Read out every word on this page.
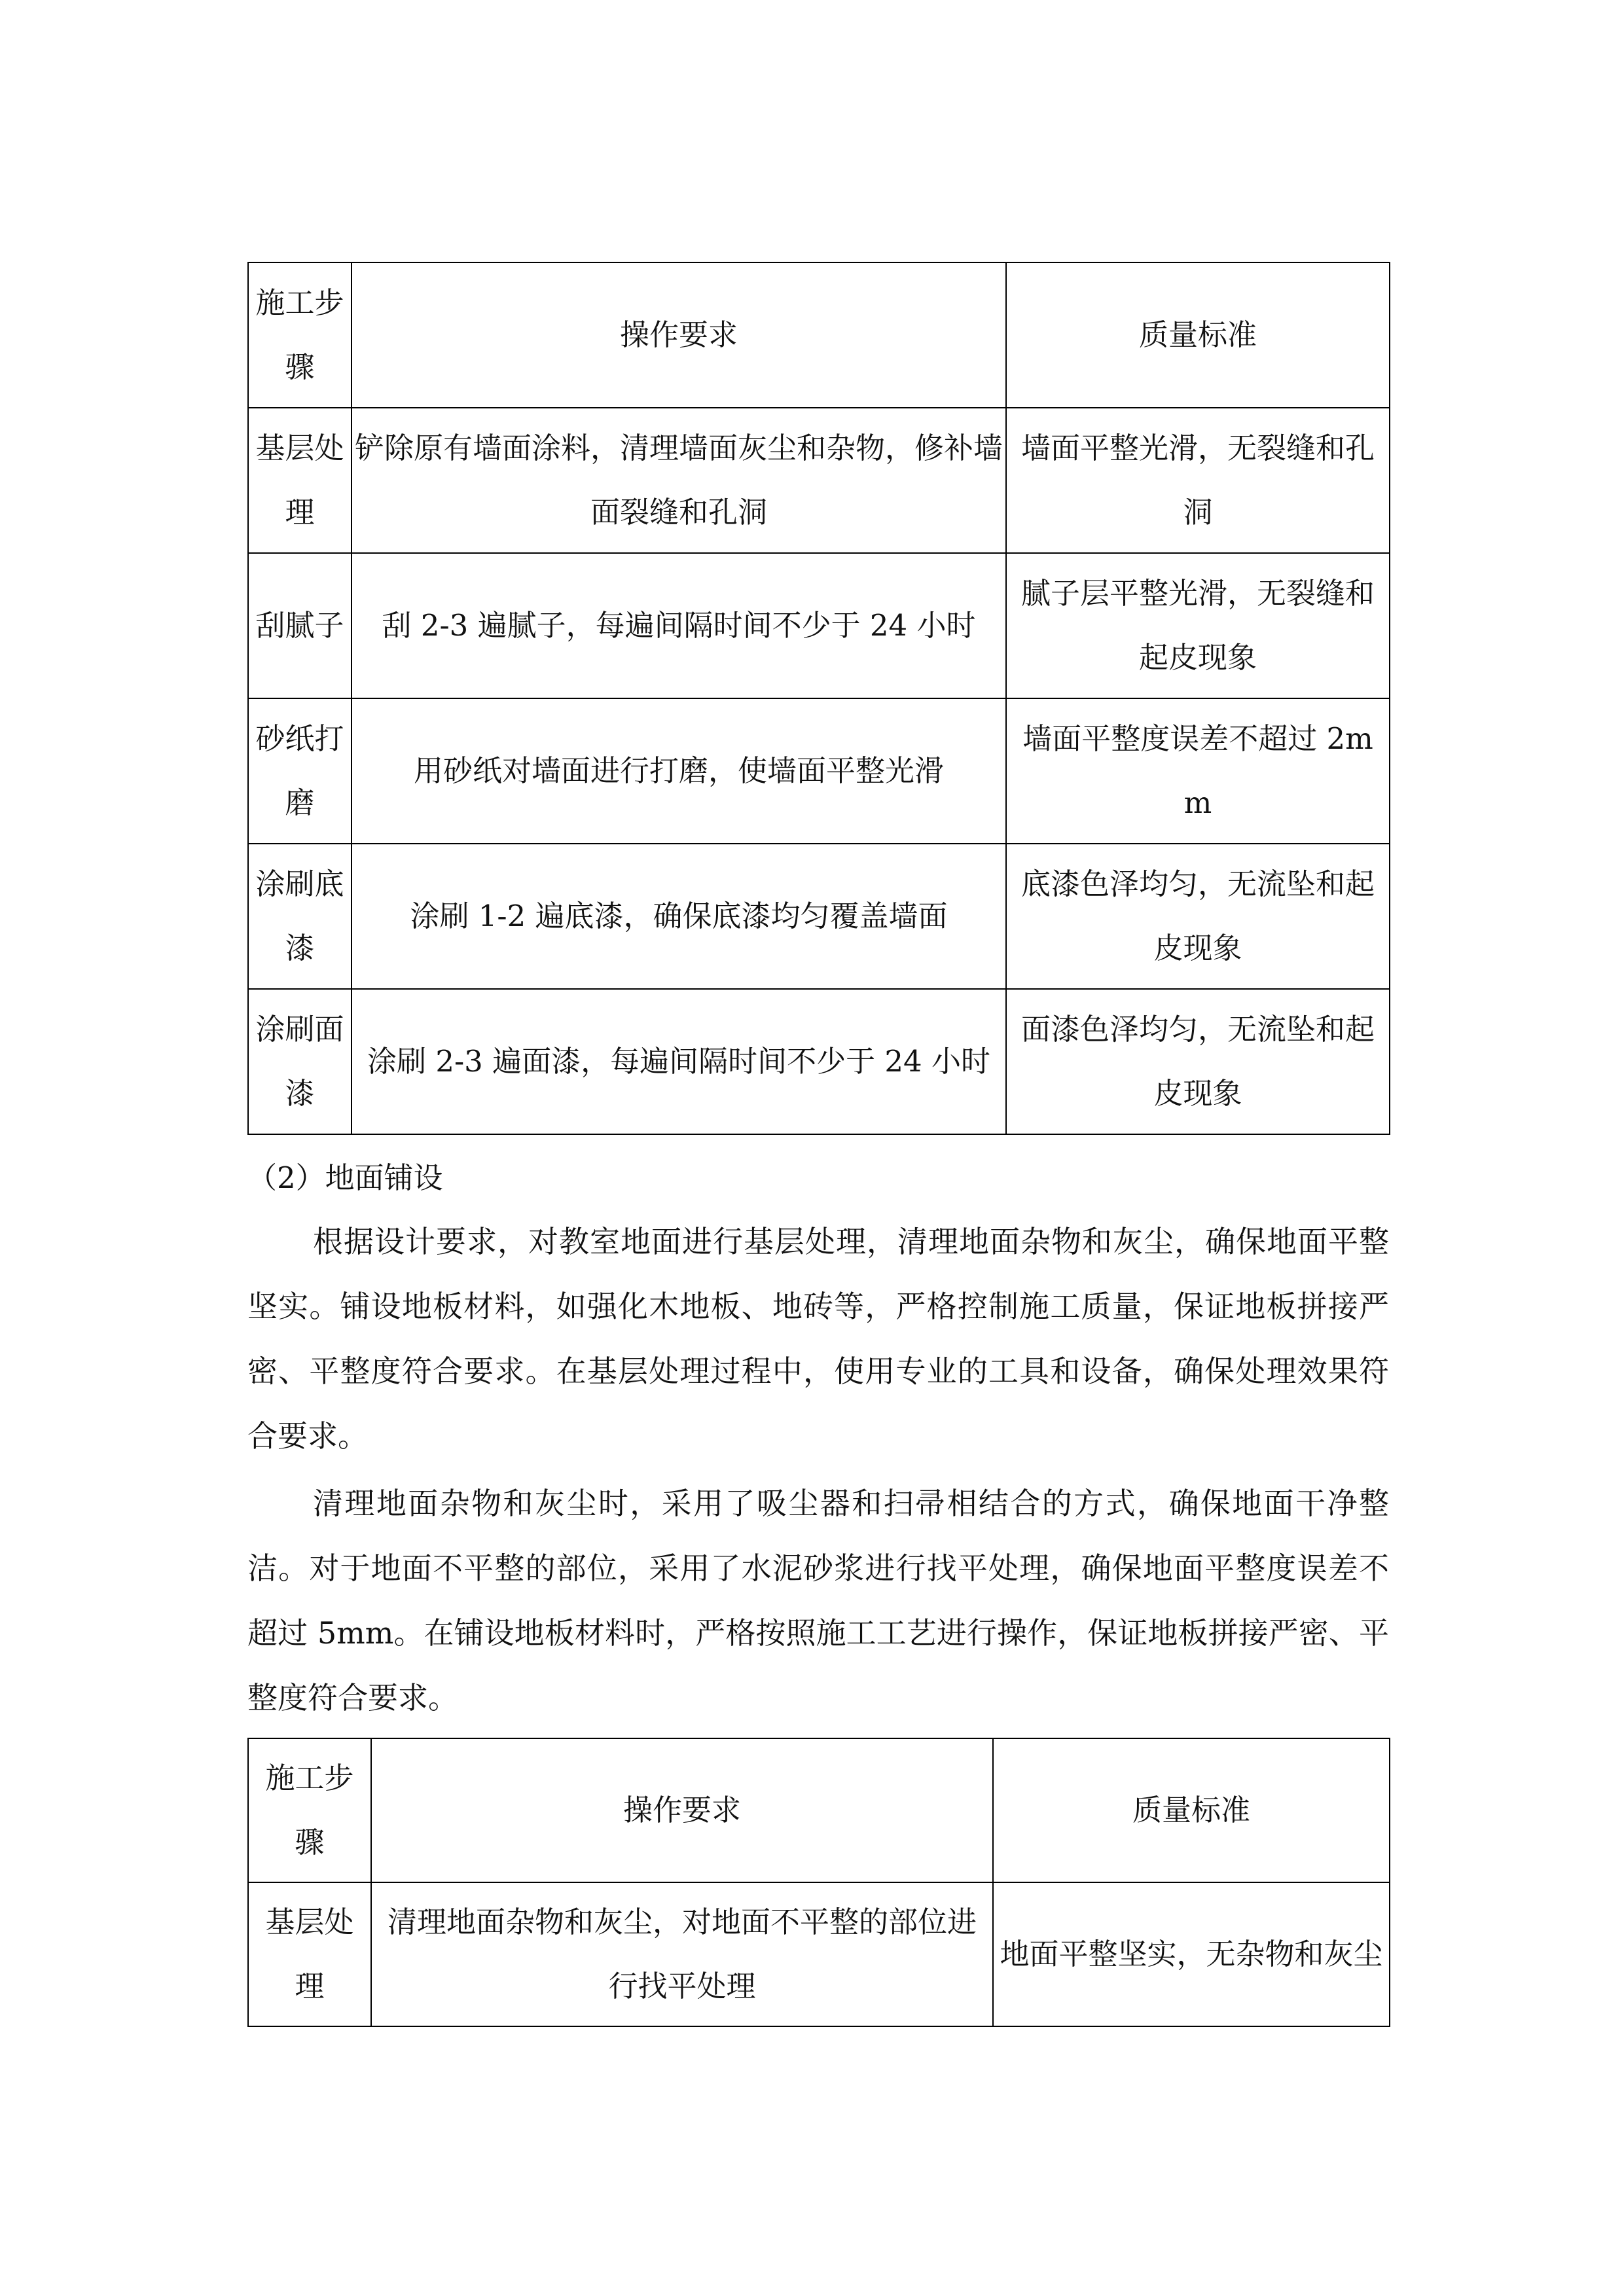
施工步骤	操作要求	质量标准
基层处理	铲除原有墙面涂料，清理墙面灰尘和杂物，修补墙面裂缝和孔洞	墙面平整光滑，无裂缝和孔洞
刮腻子	刮 2-3 遍腻子，每遍间隔时间不少于 24 小时	腻子层平整光滑，无裂缝和起皮现象
砂纸打磨	用砂纸对墙面进行打磨，使墙面平整光滑	墙面平整度误差不超过 2mm
涂刷底漆	涂刷 1-2 遍底漆，确保底漆均匀覆盖墙面	底漆色泽均匀，无流坠和起皮现象
涂刷面漆	涂刷 2-3 遍面漆，每遍间隔时间不少于 24 小时	面漆色泽均匀，无流坠和起皮现象
（2）地面铺设

根据设计要求，对教室地面进行基层处理，清理地面杂物和灰尘，确保地面平整坚实。铺设地板材料，如强化木地板、地砖等，严格控制施工质量，保证地板拼接严密、平整度符合要求。在基层处理过程中，使用专业的工具和设备，确保处理效果符合要求。

清理地面杂物和灰尘时，采用了吸尘器和扫帚相结合的方式，确保地面干净整洁。对于地面不平整的部位，采用了水泥砂浆进行找平处理，确保地面平整度误差不超过 5mm。在铺设地板材料时，严格按照施工工艺进行操作，保证地板拼接严密、平整度符合要求。

施工步骤	操作要求	质量标准
基层处理	清理地面杂物和灰尘，对地面不平整的部位进行找平处理	地面平整坚实，无杂物和灰尘
